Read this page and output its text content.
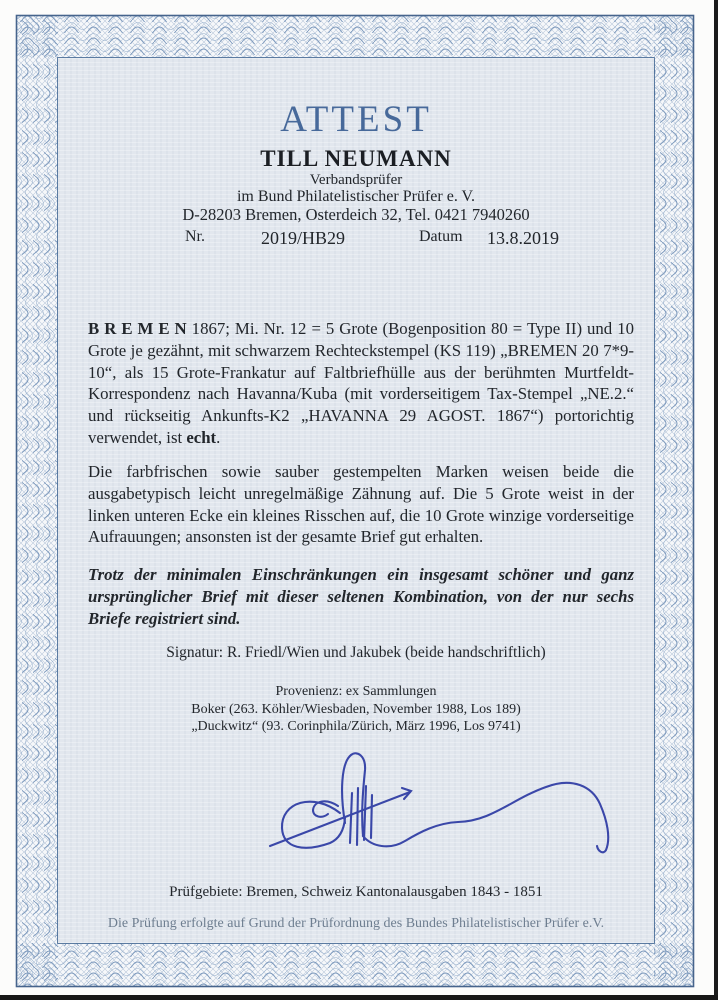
ATTEST
TILL NEUMANN
Verbandsprüfer
im Bund Philatelistischer Prüfer e. V.
D-28203 Bremen, Osterdeich 32, Tel. 0421 7940260
Nr.	2019/HB29	Datum 13.8.2019

B R E M E N 1867; Mi. Nr. 12 = 5 Grote (Bogenposition 80 = Type II) und 10 Grote je gezähnt, mit schwarzem Rechteckstempel (KS 119) „BREMEN 20 7*9-10“, als 15 Grote-Frankatur auf Faltbriefhülle aus der berühmten Murtfeldt-Korrespondenz nach Havanna/Kuba (mit vorderseitigem Tax-Stempel „NE.2.“ und rückseitig Ankunfts-K2 „HAVANNA 29 AGOST. 1867“) portorichtig verwendet, ist echt.

Die farbfrischen sowie sauber gestempelten Marken weisen beide die ausgabetypisch leicht unregelmäßige Zähnung auf. Die 5 Grote weist in der linken unteren Ecke ein kleines Risschen auf, die 10 Grote winzige vorderseitige Aufrauungen; ansonsten ist der gesamte Brief gut erhalten.

Trotz der minimalen Einschränkungen ein insgesamt schöner und ganz ursprünglicher Brief mit dieser seltenen Kombination, von der nur sechs Briefe registriert sind.

Signatur: R. Friedl/Wien und Jakubek (beide handschriftlich)
Provenienz: ex Sammlungen
Boker (263. Köhler/Wiesbaden, November 1988, Los 189)
„Duckwitz“ (93. Corinphila/Zürich, März 1996, Los 9741)
Prüfgebiete: Bremen, Schweiz Kantonalausgaben 1843 - 1851
Die Prüfung erfolgte auf Grund der Prüfordnung des Bundes Philatelistischer Prüfer e.V.
